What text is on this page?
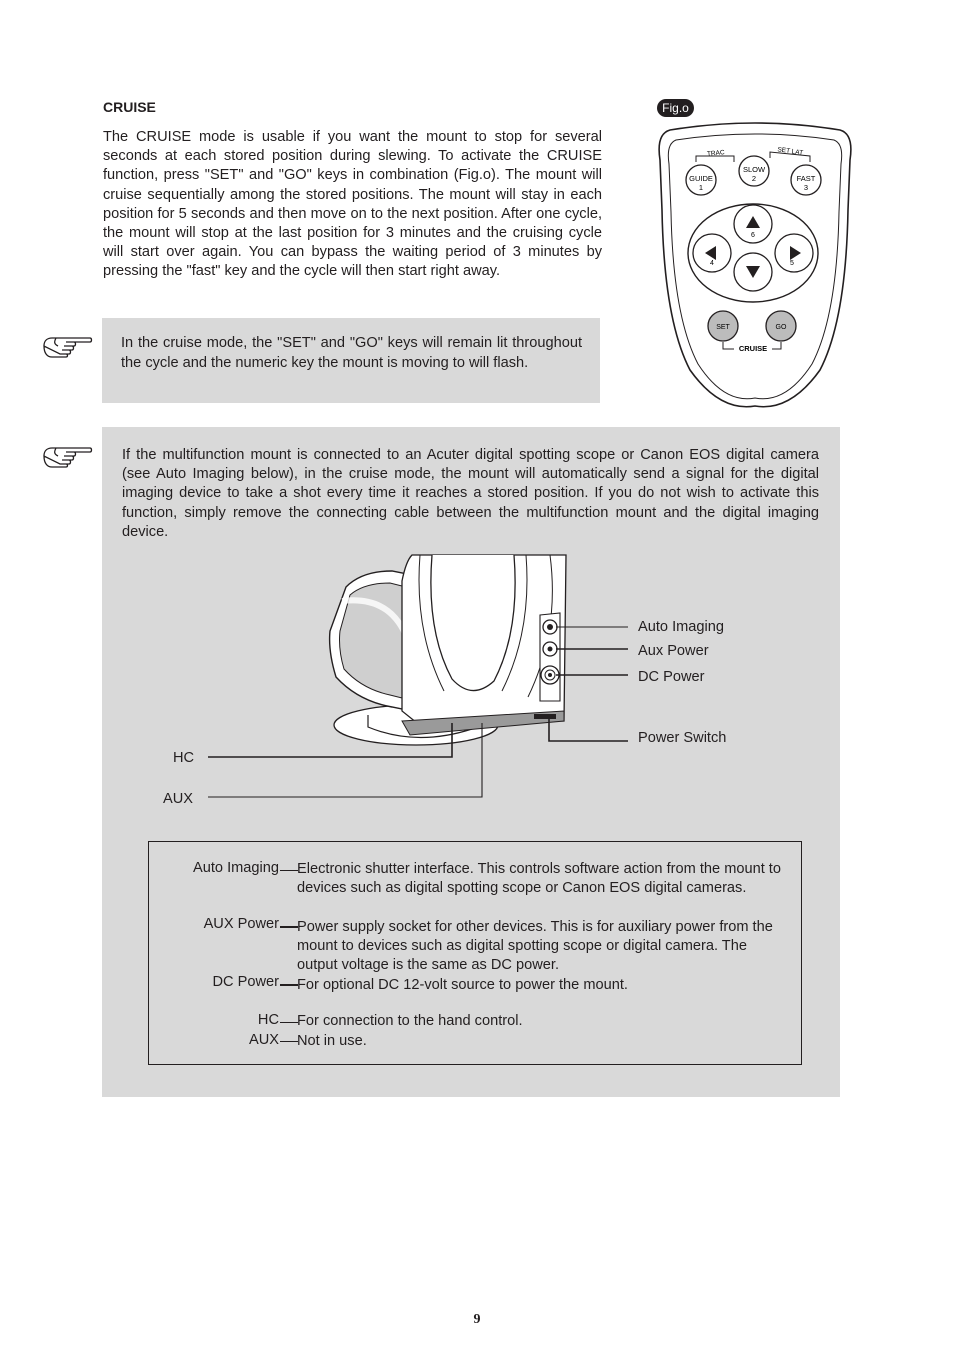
CRUISE
The CRUISE mode is usable if you want the mount to stop for several seconds at each stored position during slewing. To activate the CRUISE function, press "SET" and "GO" keys in combination (Fig.o). The mount will cruise sequentially among the stored positions. The mount will stay in each position for 5 seconds and then move on to the next position. After one cycle, the mount will stop at the last position for 3 minutes and the cruising cycle will start over again. You can bypass the waiting period of 3 minutes by pressing the "fast" key and the cycle will then start right away.

In the cruise mode, the "SET" and "GO" keys will remain lit throughout the cycle and the numeric key the mount is moving to will flash.

Fig.o
GUIDE
1
SLOW
2	FAST
3
TRAC	SET LAT
6
4	5
SET	GO
CRUISE

If the multifunction mount is connected to an Acuter digital spotting scope or Canon EOS digital camera (see Auto Imaging below), in the cruise mode, the mount will automatically send a signal for the digital imaging device to take a shot every time it reaches a stored position. If you do not wish to activate this function, simply remove the connecting cable between the multifunction mount and the digital imaging device.

Auto Imaging
Aux Power
DC Power
Power Switch
HC
AUX
Auto Imaging Electronic shutter interface. This controls software action from the mount to devices such as digital spotting scope or Canon EOS digital cameras.
AUX Power Power supply socket for other devices. This is for auxiliary power from the mount to devices such as digital spotting scope or digital camera. The output voltage is the same as DC power.
DC Power For optional DC 12-volt source to power the mount.
HC For connection to the hand control.
AUX Not in use.
9
